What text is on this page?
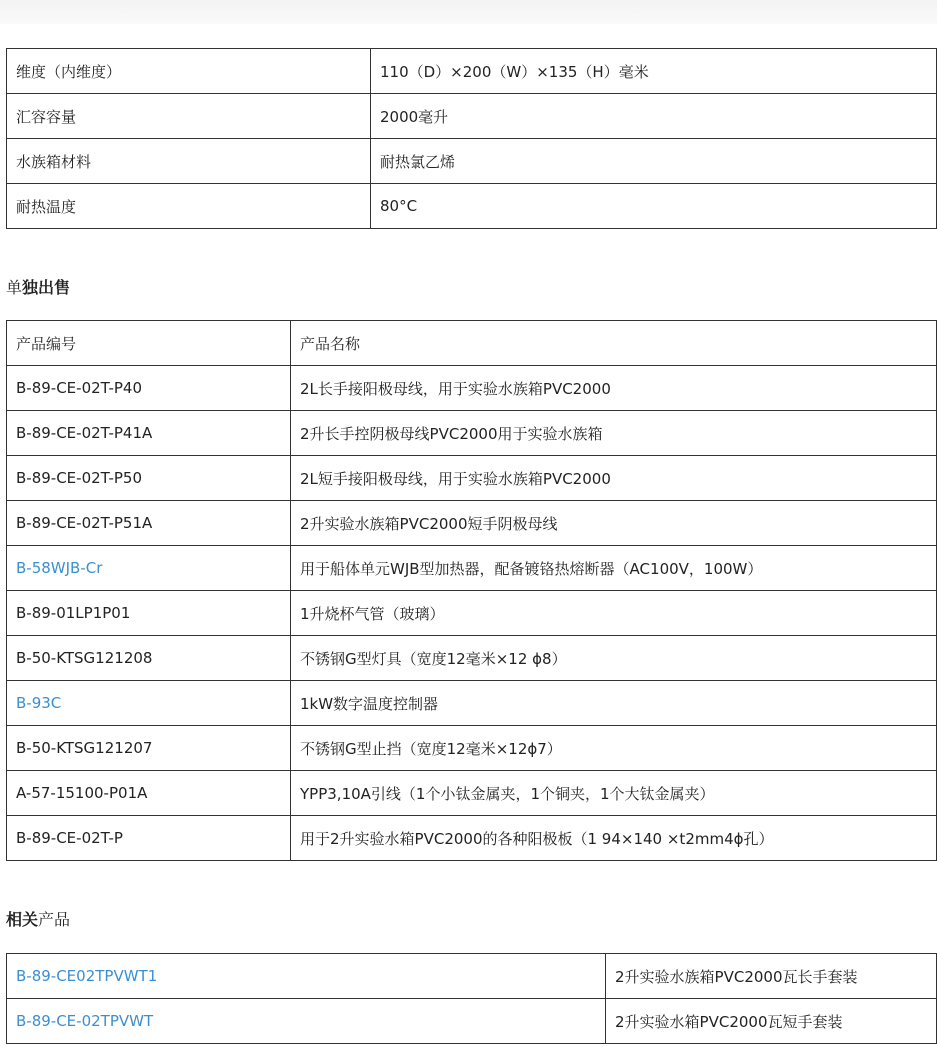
维度（内维度）	110（D）×200（W）×135（H）毫米
汇容容量	2000毫升
水族箱材料	耐热氯乙烯
耐热温度	80°C
单独出售
产品编号	产品名称
B-89-CE-02T-P40	2L长手接阳极母线，用于实验水族箱PVC2000
B-89-CE-02T-P41A	2升长手控阴极母线PVC2000用于实验水族箱
B-89-CE-02T-P50	2L短手接阳极母线，用于实验水族箱PVC2000
B-89-CE-02T-P51A	2升实验水族箱PVC2000短手阴极母线
B-58WJB-Cr	用于船体单元WJB型加热器，配备镀铬热熔断器（AC100V，100W）
B-89-01LP1P01	1升烧杯气管（玻璃）
B-50-KTSG121208	不锈钢G型灯具（宽度12毫米×12 ϕ8）
B-93C	1kW数字温度控制器
B-50-KTSG121207	不锈钢G型止挡（宽度12毫米×12ϕ7）
A-57-15100-P01A	YPP3,10A引线（1个小钛金属夹，1个铜夹，1个大钛金属夹）
B-89-CE-02T-P	用于2升实验水箱PVC2000的各种阳极板（1 94×140 ×t2mm4ϕ孔）
相关产品
B-89-CE02TPVWT1	2升实验水族箱PVC2000瓦长手套装
B-89-CE-02TPVWT	2升实验水箱PVC2000瓦短手套装
